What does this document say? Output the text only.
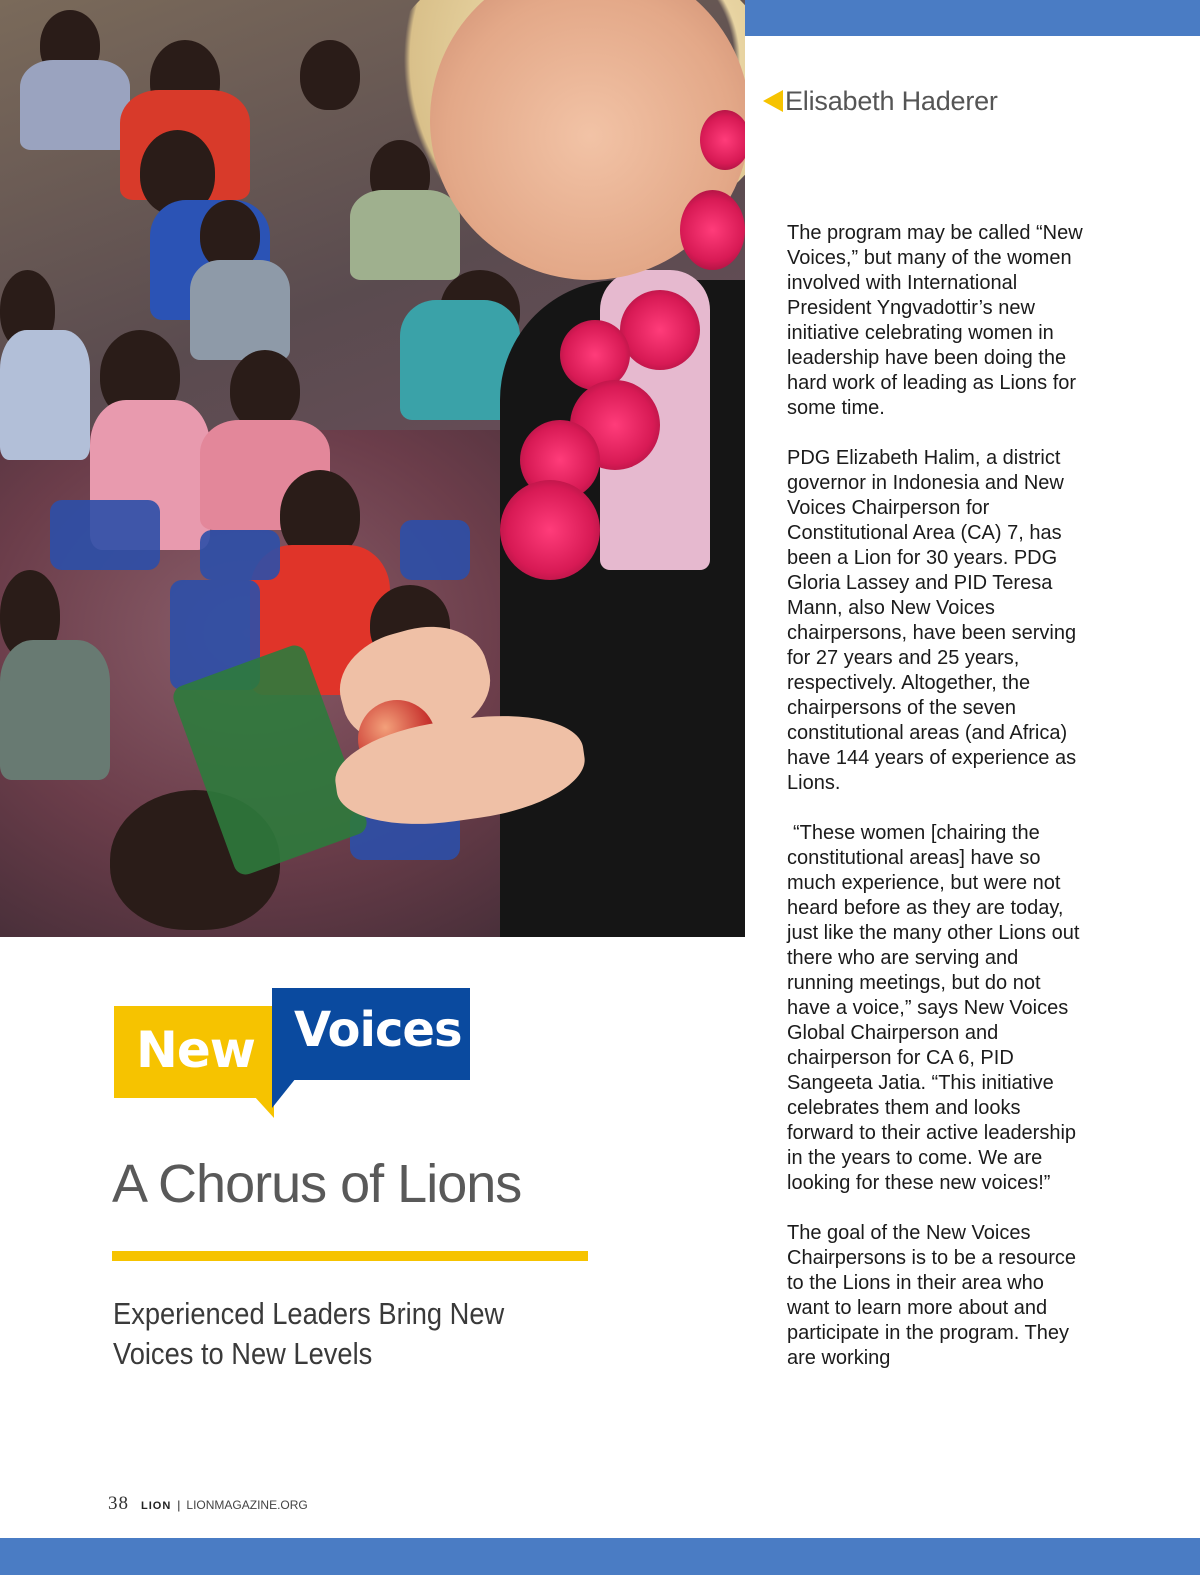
Elisabeth Haderer

The program may be called “New Voices,” but many of the women involved with International President Yngvadottir’s new initiative celebrating women in leadership have been doing the hard work of leading as Lions for some time.

PDG Elizabeth Halim, a district governor in Indonesia and New Voices Chairperson for Constitutional Area (CA) 7, has been a Lion for 30 years. PDG Gloria Lassey and PID Teresa Mann, also New Voices chairpersons, have been serving for 27 years and 25 years, respectively. Altogether, the chairpersons of the seven constitutional areas (and Africa) have 144 years of experience as Lions.

“These women [chairing the constitutional areas] have so much experience, but were not heard before as they are today, just like the many other Lions out there who are serving and running meetings, but do not have a voice,” says New Voices Global Chairperson and chairperson for CA 6, PID Sangeeta Jatia. “This initiative celebrates them and looks forward to their active leadership in the years to come. We are looking for these new voices!”

The goal of the New Voices Chairpersons is to be a resource to the Lions in their area who want to learn more about and participate in the program. They are working

New Voices
A Chorus of Lions

Experienced Leaders Bring New Voices to New Levels

38 LION | LIONMAGAZINE.ORG
